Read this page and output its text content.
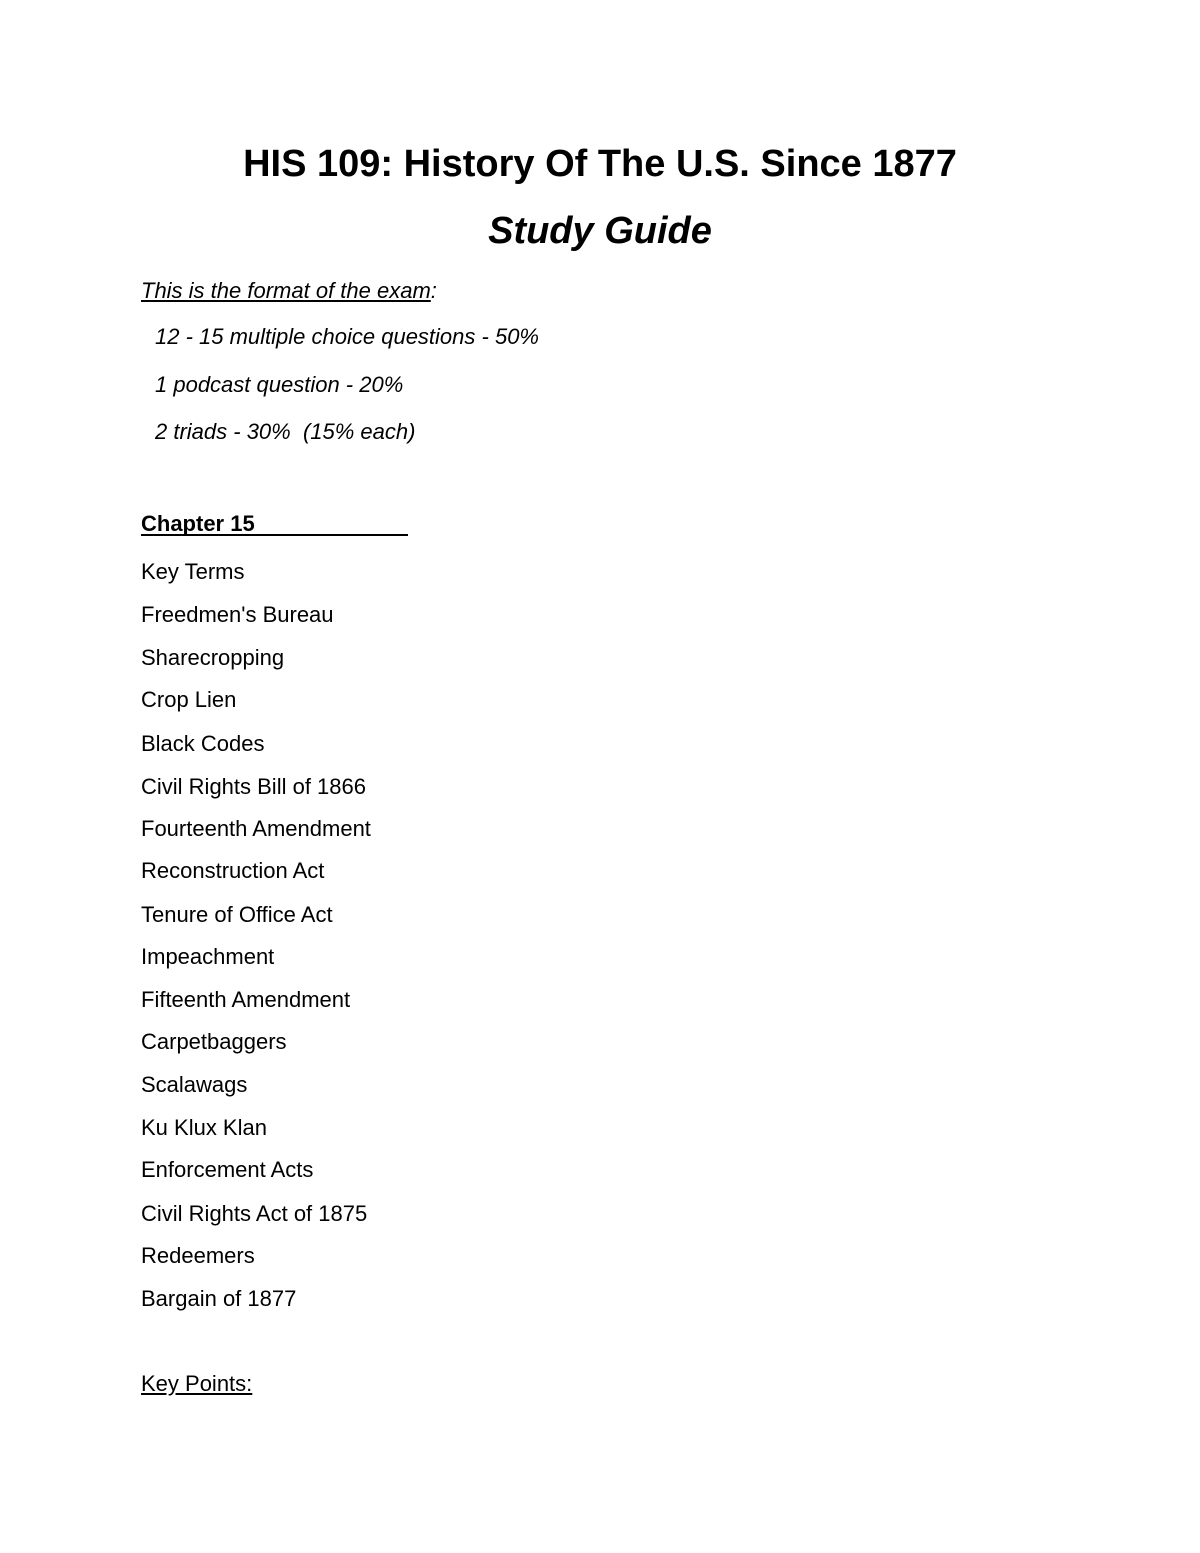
HIS 109: History Of The U.S. Since 1877
Study Guide
This is the format of the exam:
12 - 15 multiple choice questions - 50%
1 podcast question - 20%
2 triads - 30%  (15% each)
Chapter 15
Key Terms
Freedmen's Bureau
Sharecropping
Crop Lien
Black Codes
Civil Rights Bill of 1866
Fourteenth Amendment
Reconstruction Act
Tenure of Office Act
Impeachment
Fifteenth Amendment
Carpetbaggers
Scalawags
Ku Klux Klan
Enforcement Acts
Civil Rights Act of 1875
Redeemers
Bargain of 1877
Key Points:
